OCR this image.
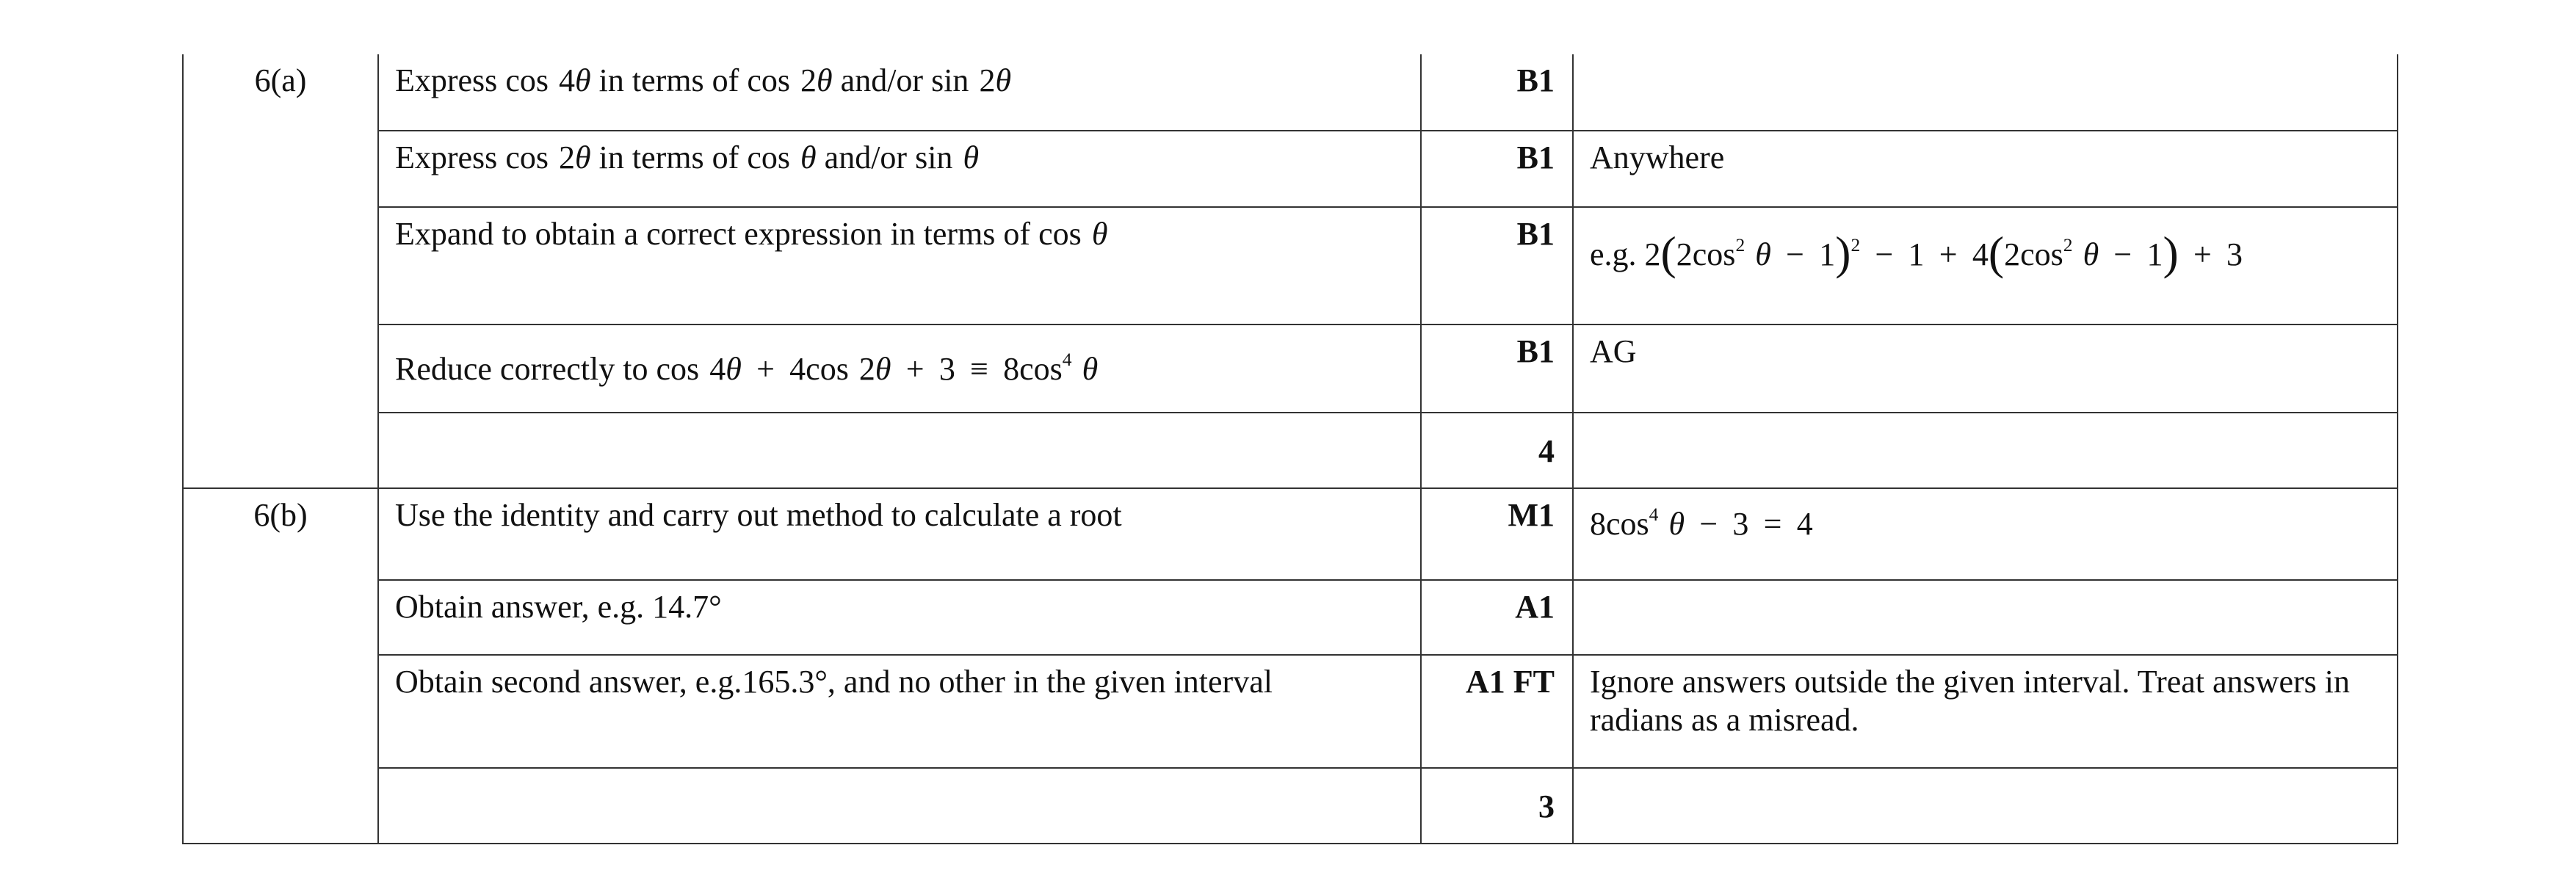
6(a)	Express cos 4θ in terms of cos 2θ and/or sin 2θ	B1	
	Express cos 2θ in terms of cos θ and/or sin θ	B1	Anywhere
	Expand to obtain a correct expression in terms of cos θ	B1	e.g. $2(2\cos^2$ $\theta - 1)^2 - 1 + 4(2\cos^2$ θ − 1) + 3
	Reduce correctly to cos 4θ + 4cos $2\theta + 3 \equiv 8\cos^4$ θ	B1	AG
		4	
6(b)	Use the identity and carry out method to calculate a root	M1	$8\cos^4$ θ − 3 = 4
	Obtain answer, e.g. 14.7°	A1	
	Obtain second answer, e.g.165.3°, and no other in the given interval	A1 FT	Ignore answers outside the given interval. Treat answers in radians as a misread.
		3	
